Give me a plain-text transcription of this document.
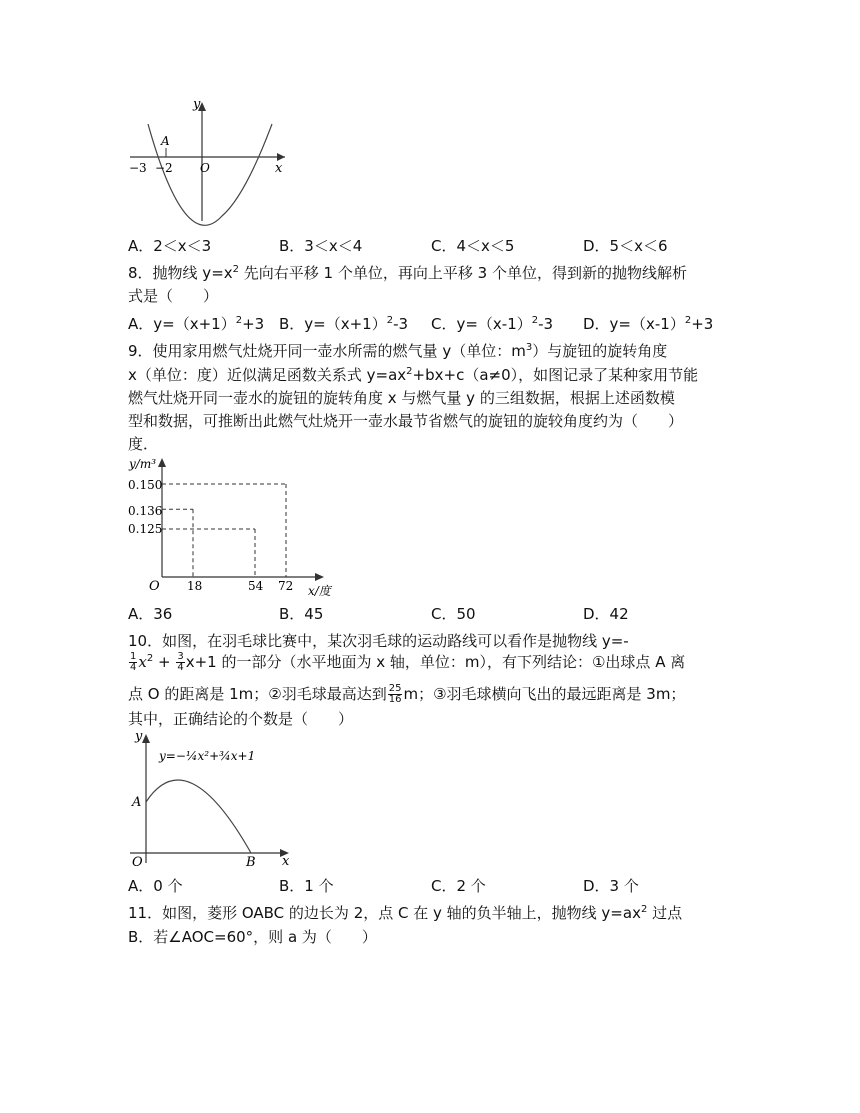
y
x
O
A
−3 −2
A．2＜x＜3	B．3＜x＜4	C．4＜x＜5	D．5＜x＜6
8．抛物线 $y=x^2$ 先向右平移 1 个单位，再向上平移 3 个单位，得到新的抛物线解析
式是（　　）
A．$y=(x+1)^2+3$ B．$y=(x+1)^2-3$ C．$y=(x-1)^2-3$ D．$y=(x-1)^2+3$
9．使用家用燃气灶烧开同一壶水所需的燃气量 y（单位：$m^3$）与旋钮的旋转角度
x（单位：度）近似满足函数关系式 $y=ax^2+bx+c(a\ne 0)$，如图记录了某种家用节能
燃气灶烧开同一壶水的旋钮的旋转角度 x 与燃气量 y 的三组数据，根据上述函数模
型和数据，可推断出此燃气灶烧开一壶水最节省燃气的旋钮的旋较角度约为（　　）
度．
y/m³
x/度
O
0.150
0.136
0.125
18	54 72
A．36	B．45	C．50	D．42
10．如图，在羽毛球比赛中，某次羽毛球的运动路线可以看作是抛物线 y=-
$\frac{1}{4} x^2 + \frac{3}{4} x+1$ 的一部分（水平地面为 x 轴，单位：m），有下列结论：①出球点 A 离
点 O 的距离是 1m；②羽毛球最高达到 $\frac{25}{16}$ m；③羽毛球横向飞出的最远距离是 3m；
其中，正确结论的个数是（　　）
y
x
O
A
B
y=−¼x²+¾x+1
A．0 个	B．1 个	C．2 个	D．3 个
11．如图，菱形 OABC 的边长为 2，点 C 在 y 轴的负半轴上，抛物线 $y=ax^2$ 过点
B．若∠AOC=60°，则 a 为（　　）
